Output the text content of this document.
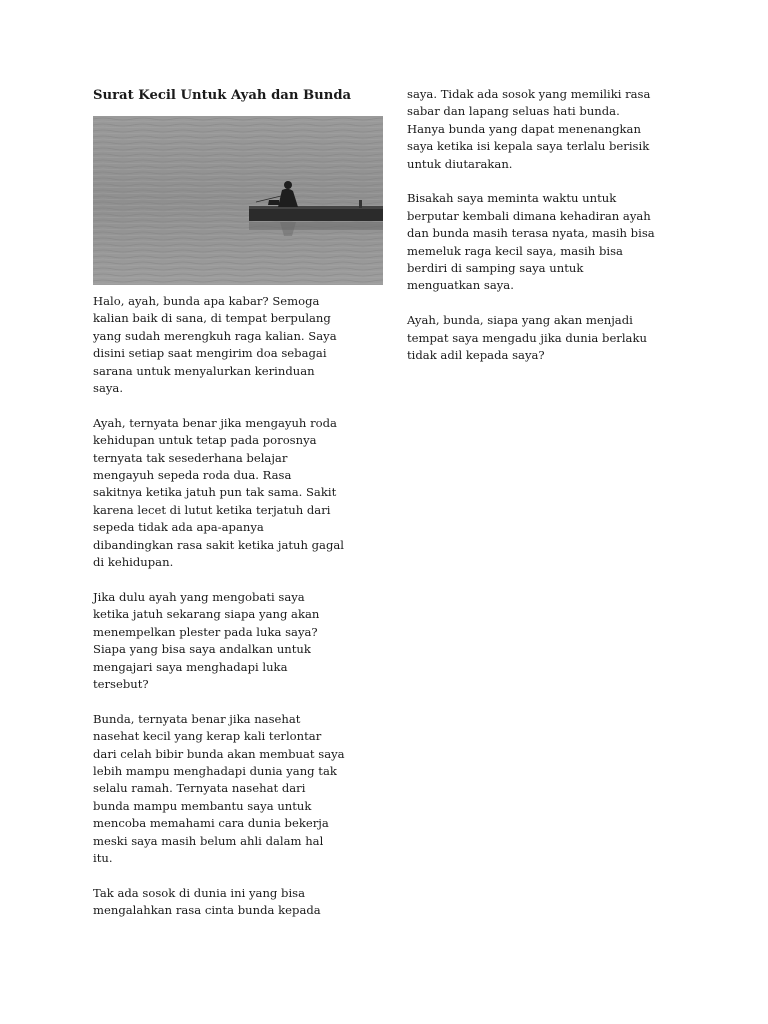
Surat Kecil Untuk Ayah dan Bunda

Halo, ayah, bunda apa kabar? Semoga
kalian baik di sana, di tempat berpulang
yang sudah merengkuh raga kalian. Saya
disini setiap saat mengirim doa sebagai
sarana untuk menyalurkan kerinduan
saya.

Ayah, ternyata benar jika mengayuh roda
kehidupan untuk tetap pada porosnya
ternyata tak sesederhana belajar
mengayuh sepeda roda dua. Rasa
sakitnya ketika jatuh pun tak sama. Sakit
karena lecet di lutut ketika terjatuh dari
sepeda tidak ada apa-apanya
dibandingkan rasa sakit ketika jatuh gagal
di kehidupan.

Jika dulu ayah yang mengobati saya
ketika jatuh sekarang siapa yang akan
menempelkan plester pada luka saya?
Siapa yang bisa saya andalkan untuk
mengajari saya menghadapi luka
tersebut?

Bunda, ternyata benar jika nasehat
nasehat kecil yang kerap kali terlontar
dari celah bibir bunda akan membuat saya
lebih mampu menghadapi dunia yang tak
selalu ramah. Ternyata nasehat dari
bunda mampu membantu saya untuk
mencoba memahami cara dunia bekerja
meski saya masih belum ahli dalam hal
itu.

Tak ada sosok di dunia ini yang bisa
mengalahkan rasa cinta bunda kepada

saya. Tidak ada sosok yang memiliki rasa
sabar dan lapang seluas hati bunda.
Hanya bunda yang dapat menenangkan
saya ketika isi kepala saya terlalu berisik
untuk diutarakan.

Bisakah saya meminta waktu untuk
berputar kembali dimana kehadiran ayah
dan bunda masih terasa nyata, masih bisa
memeluk raga kecil saya, masih bisa
berdiri di samping saya untuk
menguatkan saya.

Ayah, bunda, siapa yang akan menjadi
tempat saya mengadu jika dunia berlaku
tidak adil kepada saya?
